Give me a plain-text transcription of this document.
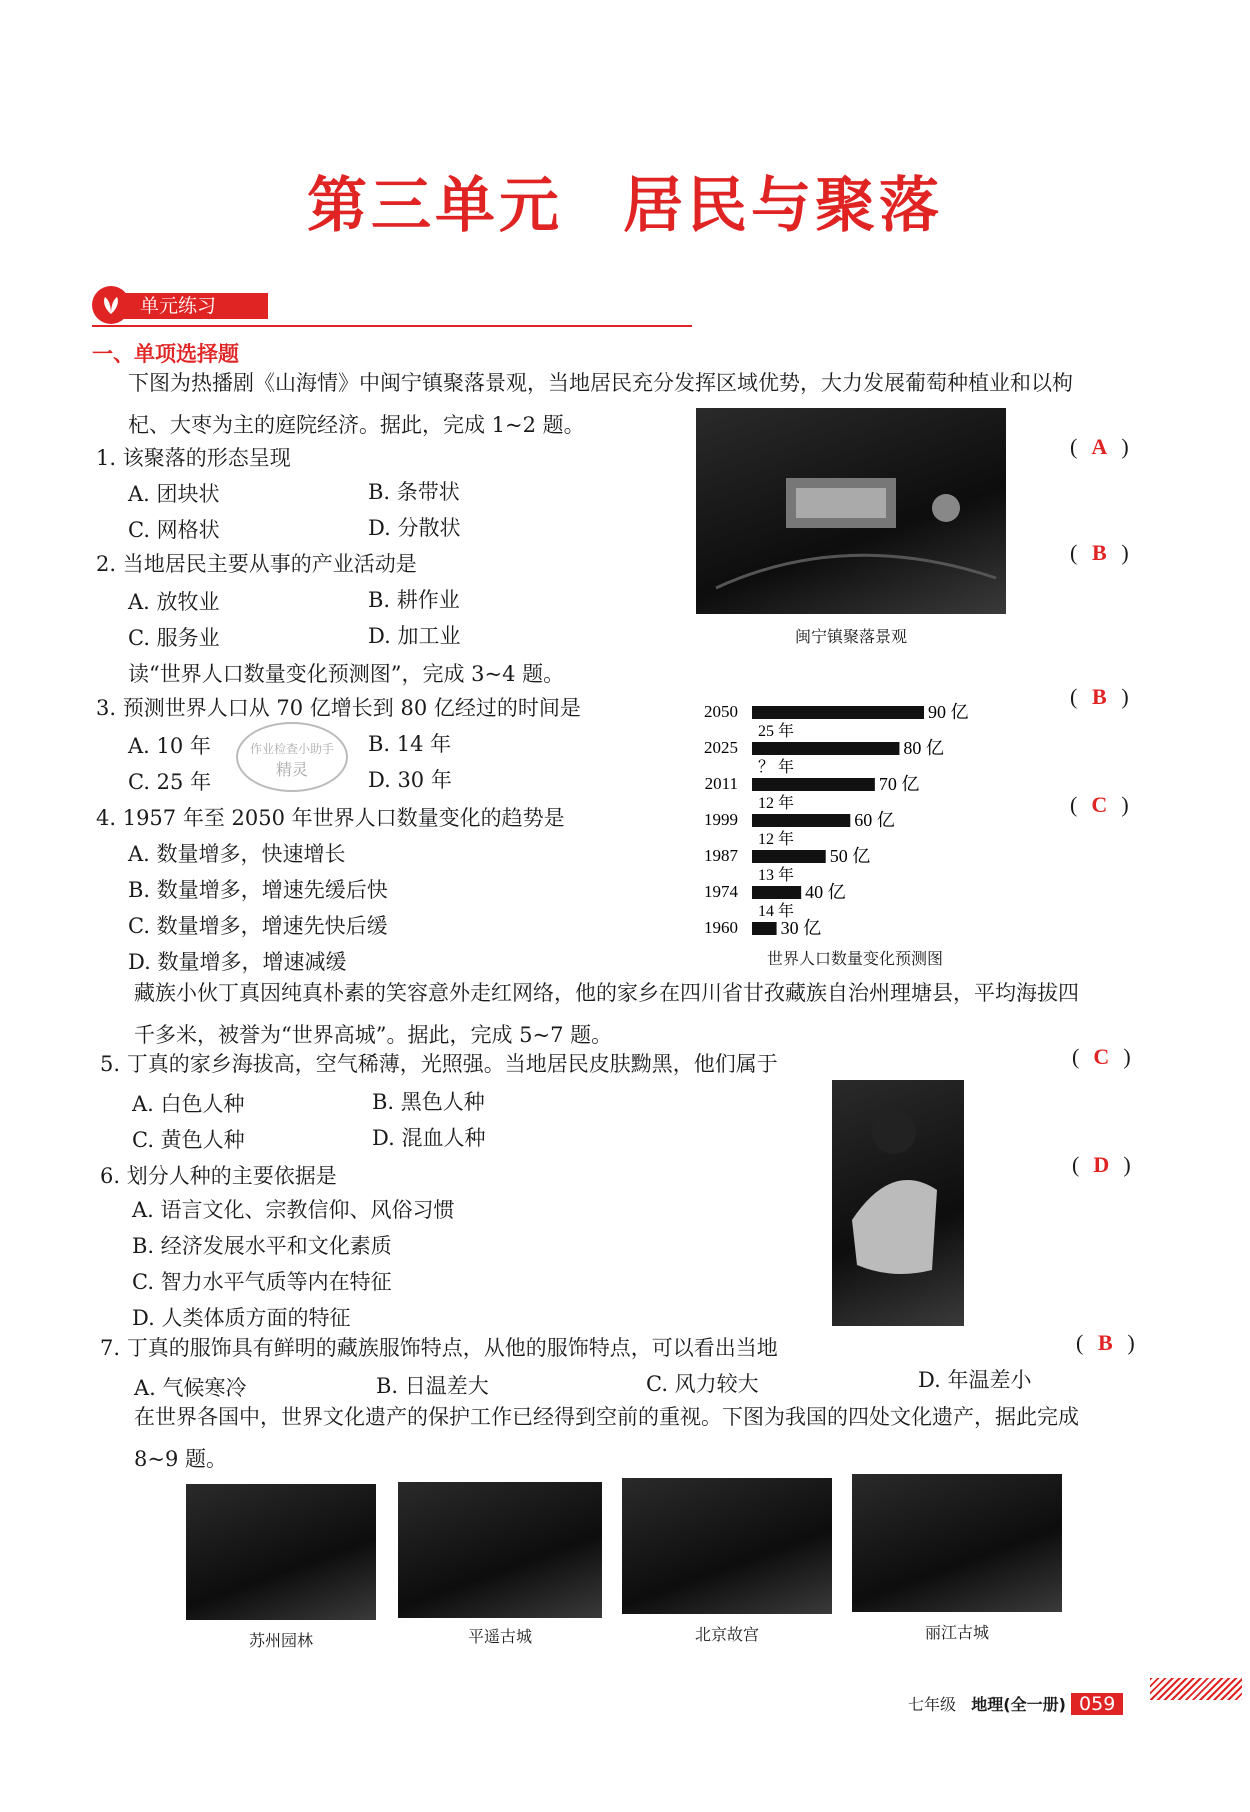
第三单元 居民与聚落
单元练习
一、单项选择题
下图为热播剧《山海情》中闽宁镇聚落景观，当地居民充分发挥区域优势，大力发展葡萄种植业和以枸
杞、大枣为主的庭院经济。据此，完成 1~2 题。
闽宁镇聚落景观
1. 该聚落的形态呈现
A. 团块状	B. 条带状
C. 网格状	D. 分散状
( A )
2. 当地居民主要从事的产业活动是
A. 放牧业	B. 耕作业
C. 服务业	D. 加工业
( B )
读“世界人口数量变化预测图”，完成 3~4 题。
3. 预测世界人口从 70 亿增长到 80 亿经过的时间是
A. 10 年	B. 14 年
C. 25 年	D. 30 年
( B )
作业检查小助手
精灵
2050	90 亿
25 年
2025	80 亿
？ 年
2011	70 亿
12 年
1999	60 亿
12 年
1987	50 亿
13 年
1974	40 亿
14 年
1960 30 亿
世界人口数量变化预测图
4. 1957 年至 2050 年世界人口数量变化的趋势是
A. 数量增多，快速增长
B. 数量增多，增速先缓后快
C. 数量增多，增速先快后缓
D. 数量增多，增速减缓
( C )
藏族小伙丁真因纯真朴素的笑容意外走红网络，他的家乡在四川省甘孜藏族自治州理塘县，平均海拔四
千多米，被誉为“世界高城”。据此，完成 5~7 题。
5. 丁真的家乡海拔高，空气稀薄，光照强。当地居民皮肤黝黑，他们属于
A. 白色人种	B. 黑色人种
C. 黄色人种	D. 混血人种
( C )
6. 划分人种的主要依据是
A. 语言文化、宗教信仰、风俗习惯
B. 经济发展水平和文化素质
C. 智力水平气质等内在特征
D. 人类体质方面的特征
( D )
7. 丁真的服饰具有鲜明的藏族服饰特点，从他的服饰特点，可以看出当地
A. 气候寒冷	B. 日温差大	C. 风力较大	D. 年温差小
( B )
在世界各国中，世界文化遗产的保护工作已经得到空前的重视。下图为我国的四处文化遗产，据此完成
8~9 题。
苏州园林	平遥古城	北京故宫	丽江古城
七年级 地理(全一册) 059
